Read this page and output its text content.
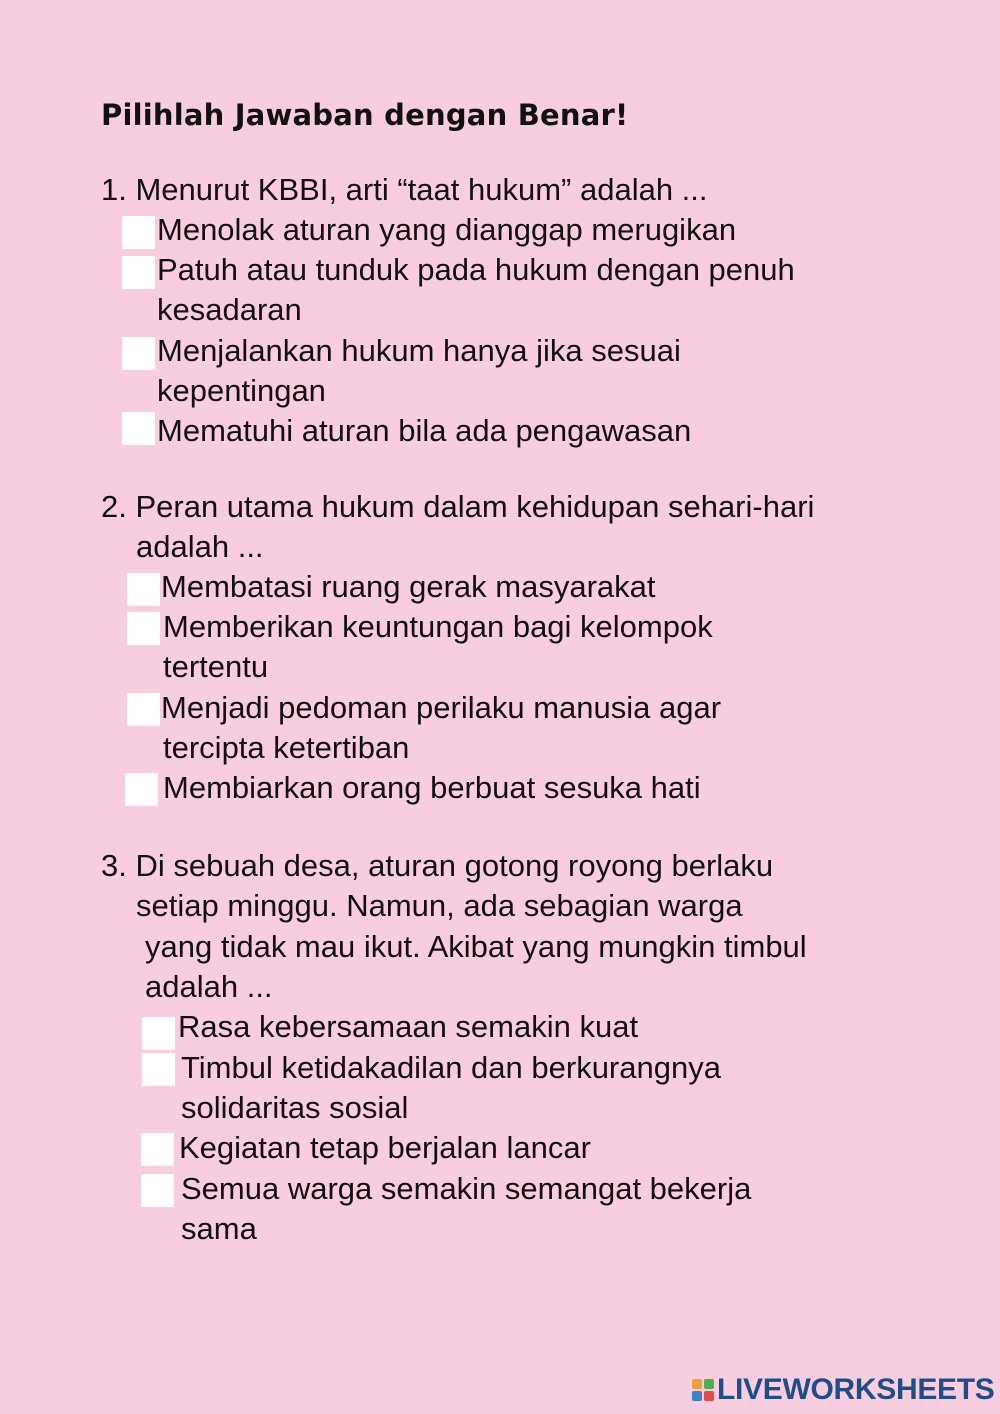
Pilihlah Jawaban dengan Benar!
1. Menurut KBBI, arti “taat hukum” adalah ...
Menolak aturan yang dianggap merugikan
Patuh atau tunduk pada hukum dengan penuh
kesadaran
Menjalankan hukum hanya jika sesuai
kepentingan
Mematuhi aturan bila ada pengawasan
2. Peran utama hukum dalam kehidupan sehari-hari
adalah ...
Membatasi ruang gerak masyarakat
Memberikan keuntungan bagi kelompok
tertentu
Menjadi pedoman perilaku manusia agar
tercipta ketertiban
Membiarkan orang berbuat sesuka hati
3. Di sebuah desa, aturan gotong royong berlaku
setiap minggu. Namun, ada sebagian warga
yang tidak mau ikut. Akibat yang mungkin timbul
adalah ...
Rasa kebersamaan semakin kuat
Timbul ketidakadilan dan berkurangnya
solidaritas sosial
Kegiatan tetap berjalan lancar
Semua warga semakin semangat bekerja
sama
LIVEWORKSHEETS
